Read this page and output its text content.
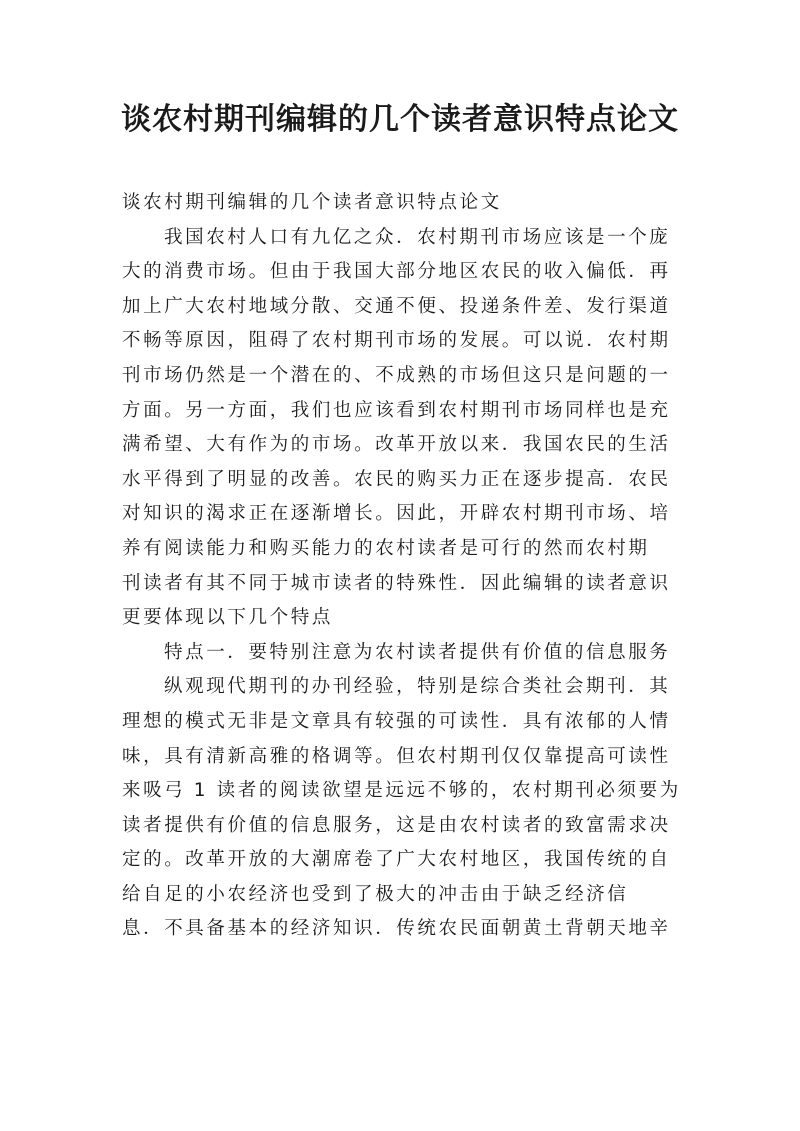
谈农村期刊编辑的几个读者意识特点论文
谈农村期刊编辑的几个读者意识特点论文
我国农村人口有九亿之众．农村期刊市场应该是一个庞
大的消费市场。但由于我国大部分地区农民的收入偏低．再
加上广大农村地域分散、交通不便、投递条件差、发行渠道
不畅等原因，阻碍了农村期刊市场的发展。可以说．农村期
刊市场仍然是一个潜在的、不成熟的市场但这只是问题的一
方面。另一方面，我们也应该看到农村期刊市场同样也是充
满希望、大有作为的市场。改革开放以来．我国农民的生活
水平得到了明显的改善。农民的购买力正在逐步提高．农民
对知识的渴求正在逐渐增长。因此，开辟农村期刊市场、培
养有阅读能力和购买能力的农村读者是可行的然而农村期
刊读者有其不同于城市读者的特殊性．因此编辑的读者意识
更要体现以下几个特点
特点一．要特别注意为农村读者提供有价值的信息服务
纵观现代期刊的办刊经验，特别是综合类社会期刊．其
理想的模式无非是文章具有较强的可读性．具有浓郁的人情
味，具有清新高雅的格调等。但农村期刊仅仅靠提高可读性
来吸弓 1 读者的阅读欲望是远远不够的，农村期刊必须要为
读者提供有价值的信息服务，这是由农村读者的致富需求决
定的。改革开放的大潮席卷了广大农村地区，我国传统的自
给自足的小农经济也受到了极大的冲击由于缺乏经济信
息．不具备基本的经济知识．传统农民面朝黄土背朝天地辛
